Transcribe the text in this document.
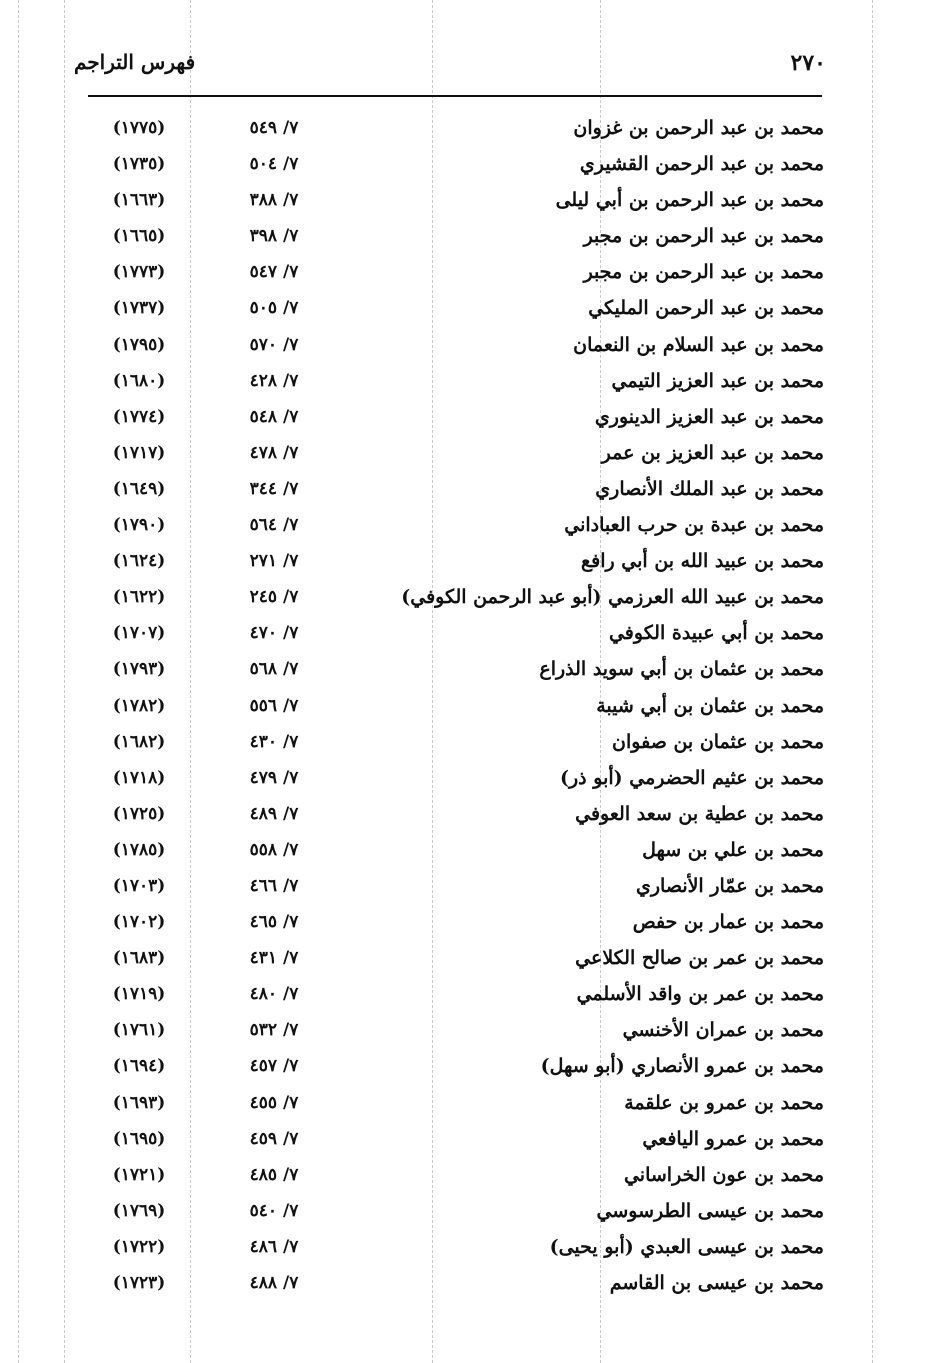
٢٧٠
فهرس التراجم
محمد بن عبد الرحمن بن غزوان
٧/ ٥٤٩
(١٧٧٥)
محمد بن عبد الرحمن القشيري
٧/ ٥٠٤
(١٧٣٥)
محمد بن عبد الرحمن بن أبي ليلى
٧/ ٣٨٨
(١٦٦٣)
محمد بن عبد الرحمن بن مجبر
٧/ ٣٩٨
(١٦٦٥)
محمد بن عبد الرحمن بن مجبر
٧/ ٥٤٧
(١٧٧٣)
محمد بن عبد الرحمن المليكي
٧/ ٥٠٥
(١٧٣٧)
محمد بن عبد السلام بن النعمان
٧/ ٥٧٠
(١٧٩٥)
محمد بن عبد العزيز التيمي
٧/ ٤٢٨
(١٦٨٠)
محمد بن عبد العزيز الدينوري
٧/ ٥٤٨
(١٧٧٤)
محمد بن عبد العزيز بن عمر
٧/ ٤٧٨
(١٧١٧)
محمد بن عبد الملك الأنصاري
٧/ ٣٤٤
(١٦٤٩)
محمد بن عبدة بن حرب العباداني
٧/ ٥٦٤
(١٧٩٠)
محمد بن عبيد الله بن أبي رافع
٧/ ٢٧١
(١٦٢٤)
محمد بن عبيد الله العرزمي (أبو عبد الرحمن الكوفي)
٧/ ٢٤٥
(١٦٢٢)
محمد بن أبي عبيدة الكوفي
٧/ ٤٧٠
(١٧٠٧)
محمد بن عثمان بن أبي سويد الذراع
٧/ ٥٦٨
(١٧٩٣)
محمد بن عثمان بن أبي شيبة
٧/ ٥٥٦
(١٧٨٢)
محمد بن عثمان بن صفوان
٧/ ٤٣٠
(١٦٨٢)
محمد بن عثيم الحضرمي (أبو ذر)
٧/ ٤٧٩
(١٧١٨)
محمد بن عطية بن سعد العوفي
٧/ ٤٨٩
(١٧٢٥)
محمد بن علي بن سهل
٧/ ٥٥٨
(١٧٨٥)
محمد بن عمّار الأنصاري
٧/ ٤٦٦
(١٧٠٣)
محمد بن عمار بن حفص
٧/ ٤٦٥
(١٧٠٢)
محمد بن عمر بن صالح الكلاعي
٧/ ٤٣١
(١٦٨٣)
محمد بن عمر بن واقد الأسلمي
٧/ ٤٨٠
(١٧١٩)
محمد بن عمران الأخنسي
٧/ ٥٣٢
(١٧٦١)
محمد بن عمرو الأنصاري (أبو سهل)
٧/ ٤٥٧
(١٦٩٤)
محمد بن عمرو بن علقمة
٧/ ٤٥٥
(١٦٩٣)
محمد بن عمرو اليافعي
٧/ ٤٥٩
(١٦٩٥)
محمد بن عون الخراساني
٧/ ٤٨٥
(١٧٢١)
محمد بن عيسى الطرسوسي
٧/ ٥٤٠
(١٧٦٩)
محمد بن عيسى العبدي (أبو يحيى)
٧/ ٤٨٦
(١٧٢٢)
محمد بن عيسى بن القاسم
٧/ ٤٨٨
(١٧٢٣)
